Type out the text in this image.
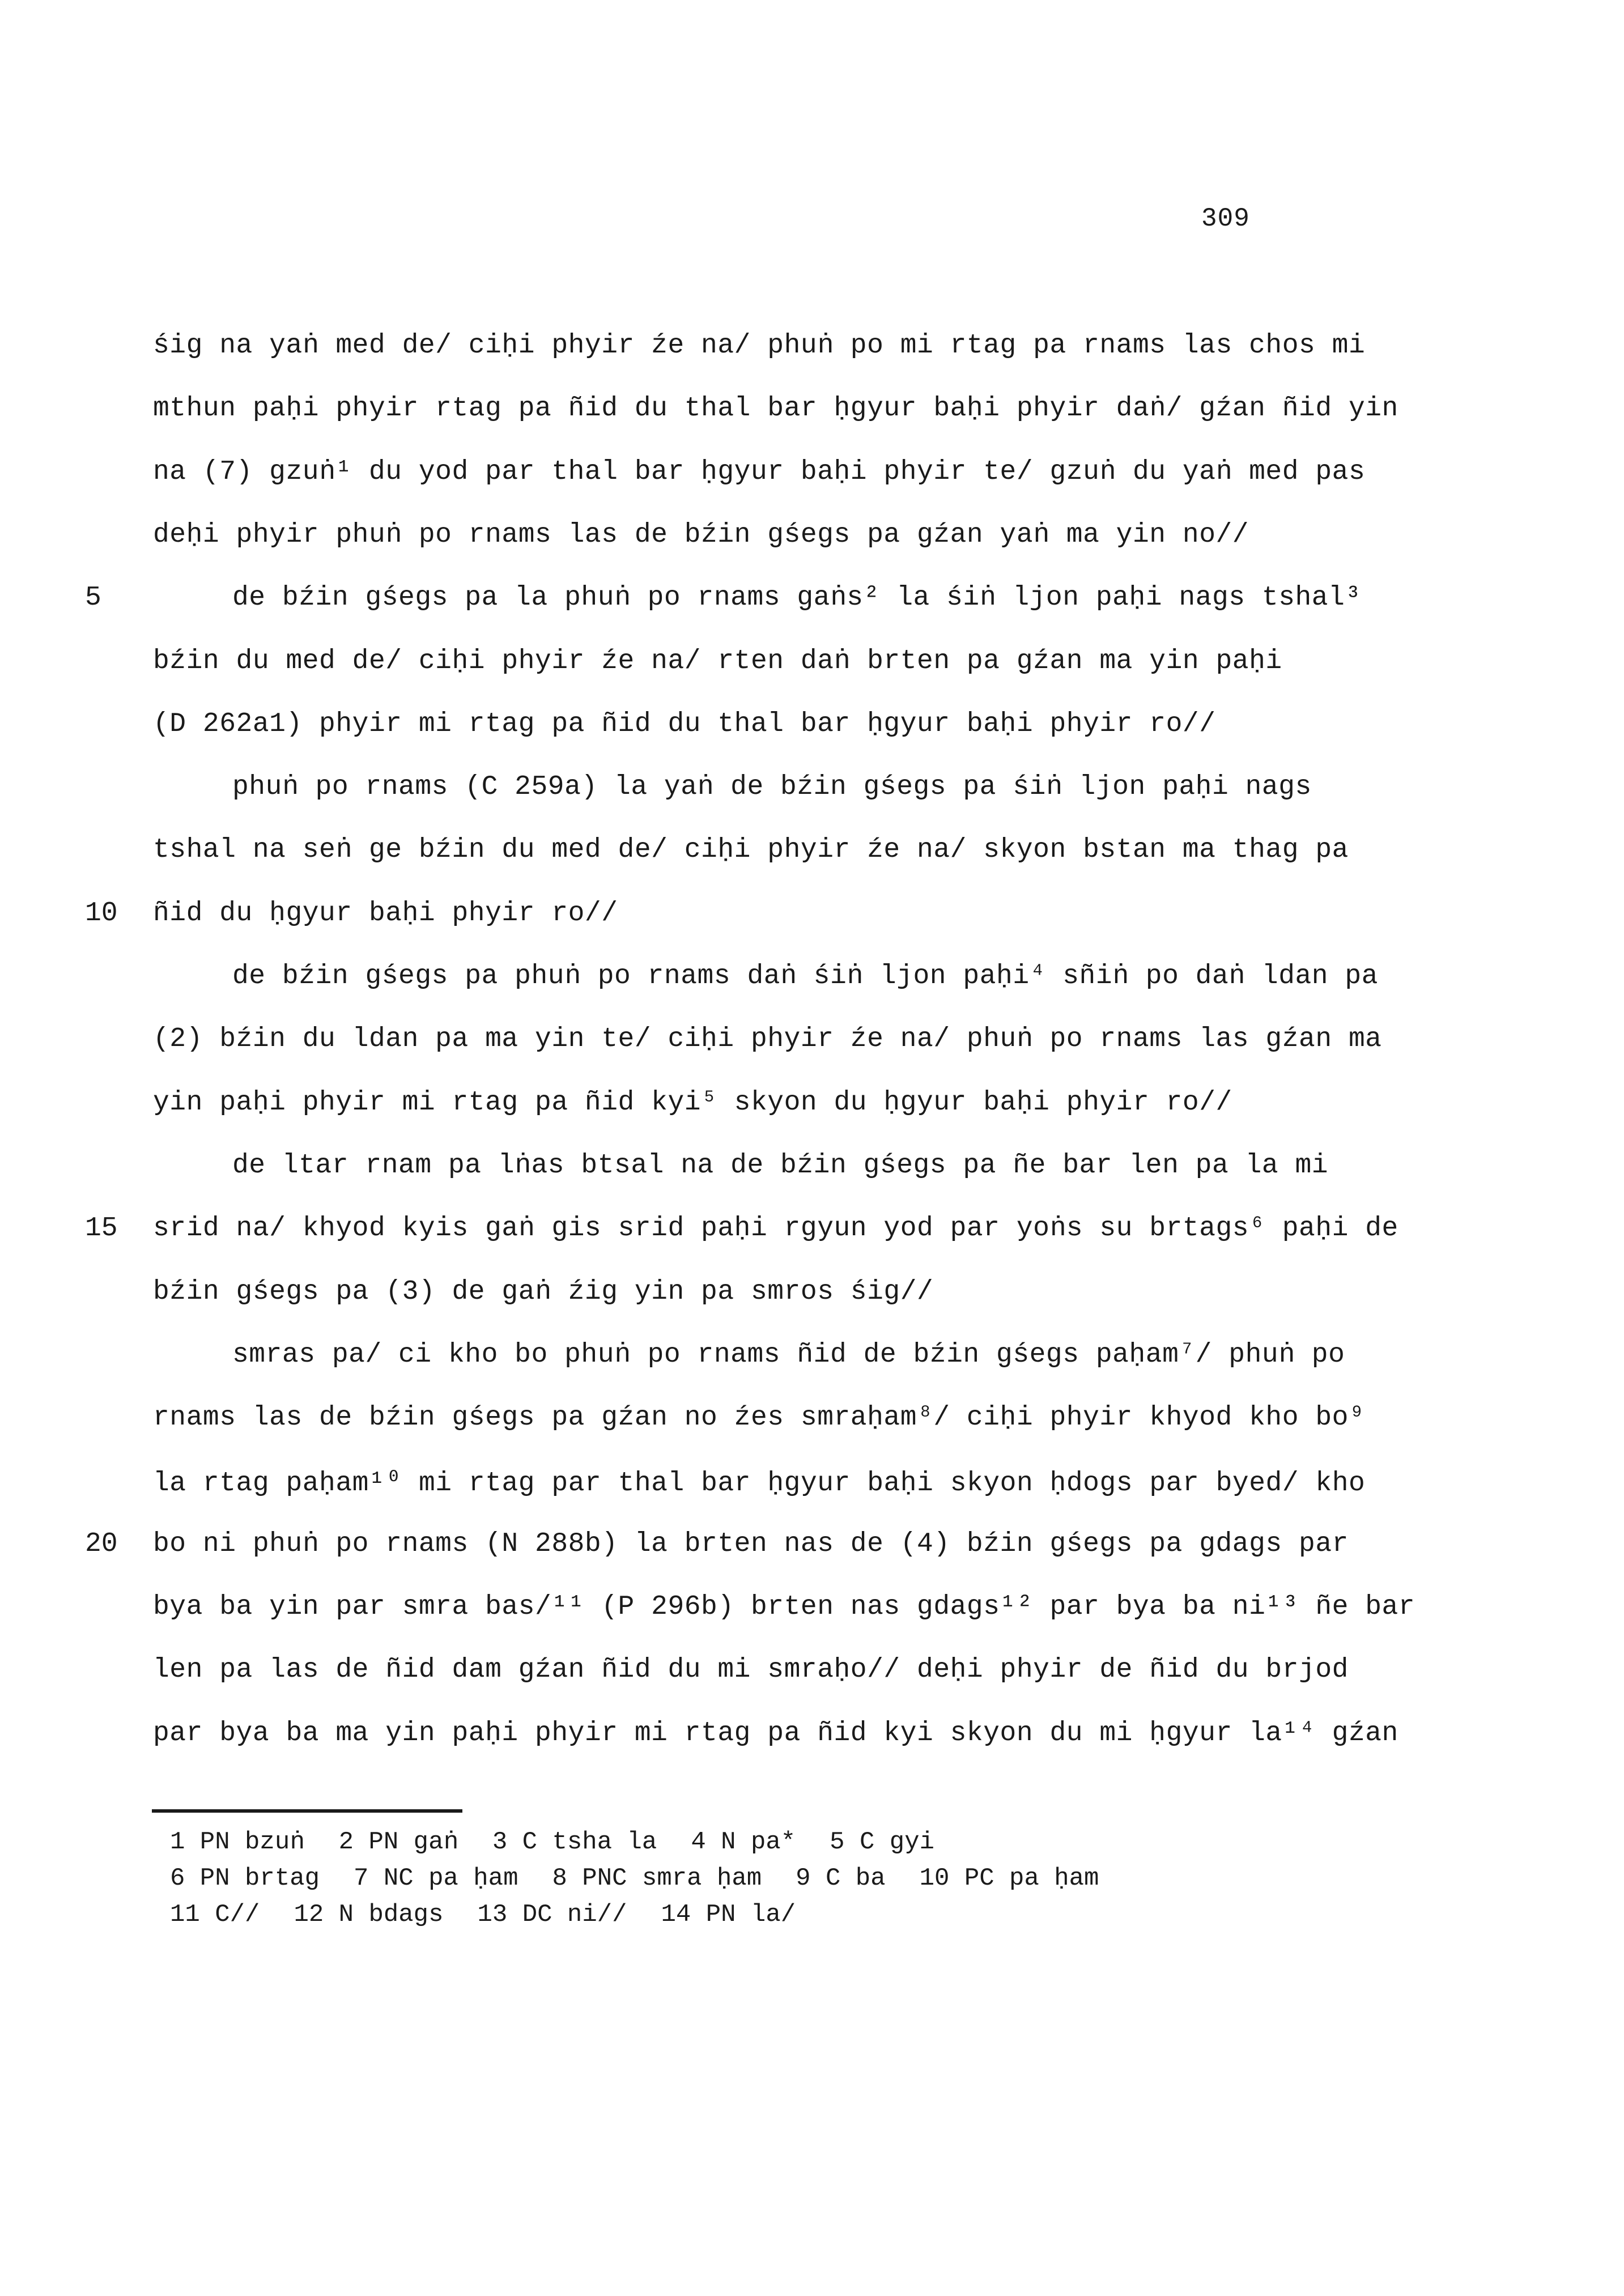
309
śig na yaṅ med de/ ciḥi phyir źe na/ phuṅ po mi rtag pa rnams las chos mi
mthun paḥi phyir rtag pa ñid du thal bar ḥgyur baḥi phyir daṅ/ gźan ñid yin
na (7) gzuṅ¹ du yod par thal bar ḥgyur baḥi phyir te/ gzuṅ du yaṅ med pas
deḥi phyir phuṅ po rnams las de bźin gśegs pa gźan yaṅ ma yin no//
de bźin gśegs pa la phuṅ po rnams gaṅs² la śiṅ ljon paḥi nags tshal³
5
bźin du med de/ ciḥi phyir źe na/ rten daṅ brten pa gźan ma yin paḥi
(D 262a1) phyir mi rtag pa ñid du thal bar ḥgyur baḥi phyir ro//
phuṅ po rnams (C 259a) la yaṅ de bźin gśegs pa śiṅ ljon paḥi nags
tshal na seṅ ge bźin du med de/ ciḥi phyir źe na/ skyon bstan ma thag pa
ñid du ḥgyur baḥi phyir ro//
10
de bźin gśegs pa phuṅ po rnams daṅ śiṅ ljon paḥi⁴ sñiṅ po daṅ ldan pa
(2) bźin du ldan pa ma yin te/ ciḥi phyir źe na/ phuṅ po rnams las gźan ma
yin paḥi phyir mi rtag pa ñid kyi⁵ skyon du ḥgyur baḥi phyir ro//
de ltar rnam pa lṅas btsal na de bźin gśegs pa ñe bar len pa la mi
srid na/ khyod kyis gaṅ gis srid paḥi rgyun yod par yoṅs su brtags⁶ paḥi de
15
bźin gśegs pa (3) de gaṅ źig yin pa smros śig//
smras pa/ ci kho bo phuṅ po rnams ñid de bźin gśegs paḥam⁷/ phuṅ po
rnams las de bźin gśegs pa gźan no źes smraḥam⁸/ ciḥi phyir khyod kho bo⁹
la rtag paḥam¹⁰ mi rtag par thal bar ḥgyur baḥi skyon ḥdogs par byed/ kho
bo ni phuṅ po rnams (N 288b) la brten nas de (4) bźin gśegs pa gdags par
20
bya ba yin par smra bas/¹¹ (P 296b) brten nas gdags¹² par bya ba ni¹³ ñe bar
len pa las de ñid dam gźan ñid du mi smraḥo// deḥi phyir de ñid du brjod
par bya ba ma yin paḥi phyir mi rtag pa ñid kyi skyon du mi ḥgyur la¹⁴ gźan
1 PN bzuṅ 2 PN gaṅ 3 C tsha la 4 N pa* 5 C gyi
6 PN brtag 7 NC pa ḥam 8 PNC smra ḥam 9 C ba 10 PC pa ḥam
11 C// 12 N bdags 13 DC ni// 14 PN la/
